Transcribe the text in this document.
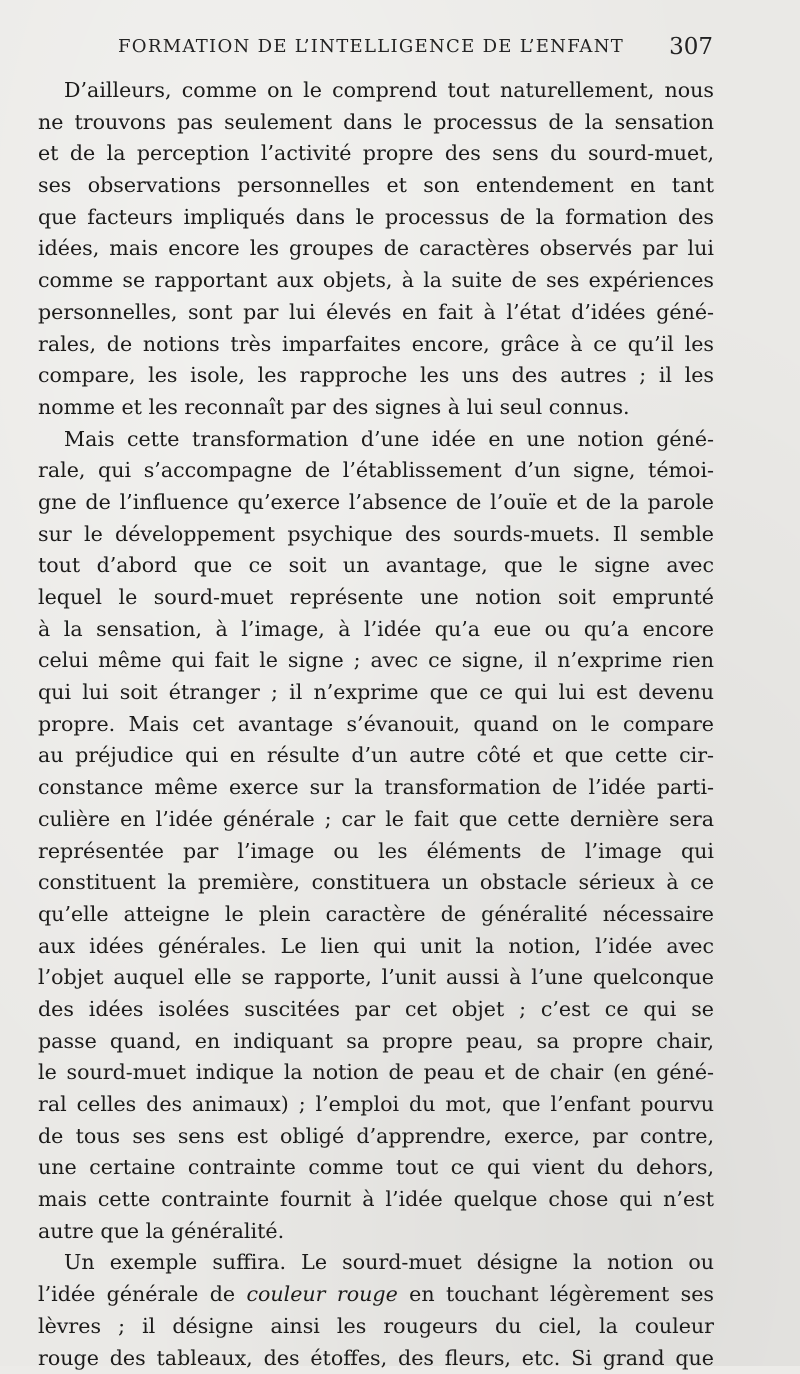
FORMATION DE L’INTELLIGENCE DE L’ENFANT 307

D’ailleurs, comme on le comprend tout naturellement, nous
ne trouvons pas seulement dans le processus de la sensation
et de la perception l’activité propre des sens du sourd-muet,
ses observations personnelles et son entendement en tant
que facteurs impliqués dans le processus de la formation des
idées, mais encore les groupes de caractères observés par lui
comme se rapportant aux objets, à la suite de ses expériences
personnelles, sont par lui élevés en fait à l’état d’idées géné-
rales, de notions très imparfaites encore, grâce à ce qu’il les
compare, les isole, les rapproche les uns des autres ; il les
nomme et les reconnaît par des signes à lui seul connus.

Mais cette transformation d’une idée en une notion géné-
rale, qui s’accompagne de l’établissement d’un signe, témoi-
gne de l’influence qu’exerce l’absence de l’ouïe et de la parole
sur le développement psychique des sourds-muets. Il semble
tout d’abord que ce soit un avantage, que le signe avec
lequel le sourd-muet représente une notion soit emprunté
à la sensation, à l’image, à l’idée qu’a eue ou qu’a encore
celui même qui fait le signe ; avec ce signe, il n’exprime rien
qui lui soit étranger ; il n’exprime que ce qui lui est devenu
propre. Mais cet avantage s’évanouit, quand on le compare
au préjudice qui en résulte d’un autre côté et que cette cir-
constance même exerce sur la transformation de l’idée parti-
culière en l’idée générale ; car le fait que cette dernière sera
représentée par l’image ou les éléments de l’image qui
constituent la première, constituera un obstacle sérieux à ce
qu’elle atteigne le plein caractère de généralité nécessaire
aux idées générales. Le lien qui unit la notion, l’idée avec
l’objet auquel elle se rapporte, l’unit aussi à l’une quelconque
des idées isolées suscitées par cet objet ; c’est ce qui se
passe quand, en indiquant sa propre peau, sa propre chair,
le sourd-muet indique la notion de peau et de chair (en géné-
ral celles des animaux) ; l’emploi du mot, que l’enfant pourvu
de tous ses sens est obligé d’apprendre, exerce, par contre,
une certaine contrainte comme tout ce qui vient du dehors,
mais cette contrainte fournit à l’idée quelque chose qui n’est
autre que la généralité.

Un exemple suffira. Le sourd-muet désigne la notion ou
l’idée générale de couleur rouge en touchant légèrement ses
lèvres ; il désigne ainsi les rougeurs du ciel, la couleur
rouge des tableaux, des étoffes, des fleurs, etc. Si grand que
